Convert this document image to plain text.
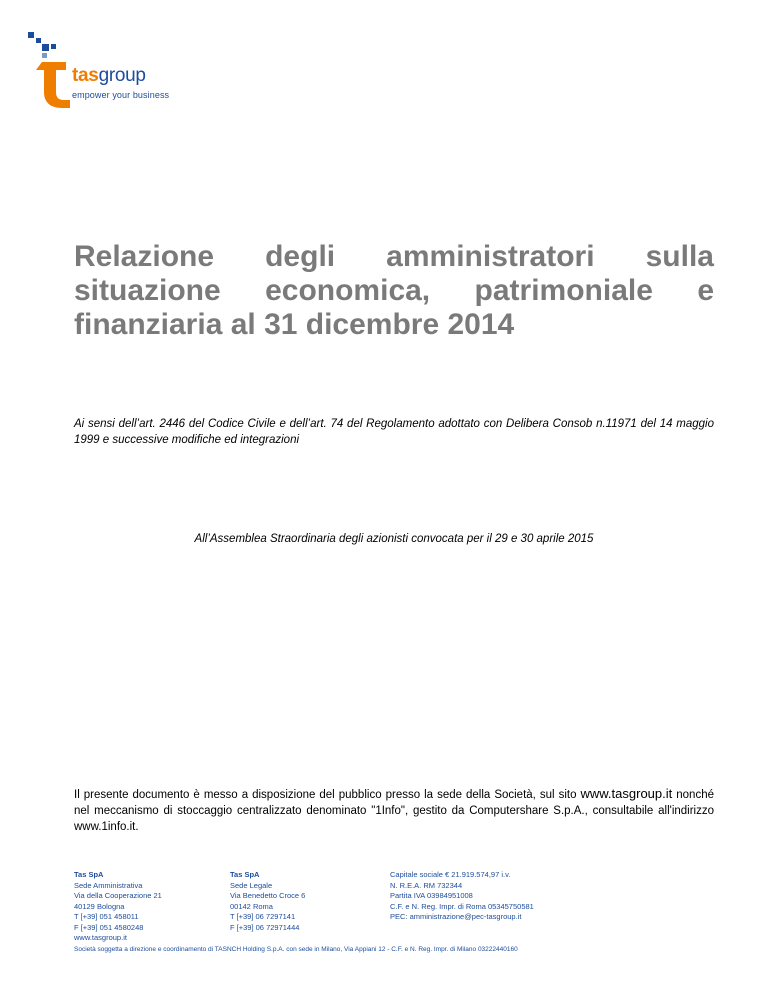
tasgroup
empower your business
Relazione degli amministratori sulla situazione economica, patrimoniale e finanziaria al 31 dicembre 2014
Ai sensi dell’art. 2446 del Codice Civile e dell’art. 74 del Regolamento adottato con Delibera Consob n.11971 del 14 maggio 1999 e successive modifiche ed integrazioni
All’Assemblea Straordinaria degli azionisti convocata per il 29 e 30 aprile 2015
Il presente documento è messo a disposizione del pubblico presso la sede della Società, sul sito www.tasgroup.it nonché nel meccanismo di stoccaggio centralizzato denominato "1Info", gestito da Computershare S.p.A., consultabile all'indirizzo www.1info.it.
Tas SpA
Sede Amministrativa
Via della Cooperazione 21
40129 Bologna
T [+39] 051 458011
F [+39] 051 4580248
www.tasgroup.it
Tas SpA
Sede Legale
Via Benedetto Croce 6
00142 Roma
T [+39] 06 7297141
F [+39] 06 72971444
Capitale sociale € 21.919.574,97 i.v.
N. R.E.A. RM 732344
Partita IVA 03984951008
C.F. e N. Reg. Impr. di Roma 05345750581
PEC: amministrazione@pec-tasgroup.it
Società soggetta a direzione e coordinamento di TASNCH Holding S.p.A. con sede in Milano, Via Appiani 12 - C.F. e N. Reg. Impr. di Milano 03222440160
